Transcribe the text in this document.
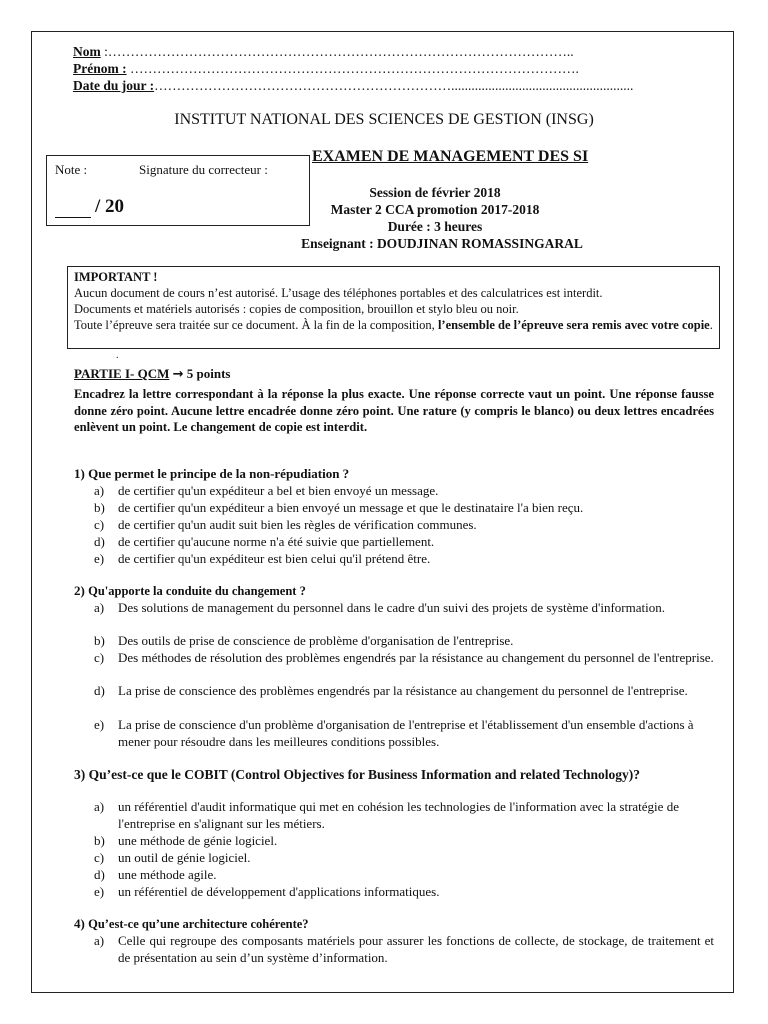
Nom :…………………………………………………………………………………………..
Prénom : ……………………………………………………………………………………….
Date du jour :…………………………………………………………......................................................
INSTITUT NATIONAL DES SCIENCES DE GESTION (INSG)
Note :	Signature du correcteur :
/ 20
EXAMEN DE MANAGEMENT DES SI
Session de février 2018
Master 2 CCA promotion 2017-2018
Durée : 3 heures
Enseignant : DOUDJINAN ROMASSINGARAL
IMPORTANT !
Aucun document de cours n’est autorisé. L’usage des téléphones portables et des calculatrices est interdit.
Documents et matériels autorisés : copies de composition, brouillon et stylo bleu ou noir.
Toute l’épreuve sera traitée sur ce document. À la fin de la composition, l’ensemble de l’épreuve sera remis avec votre copie.
.
PARTIE I- QCM → 5 points
Encadrez la lettre correspondant à la réponse la plus exacte. Une réponse correcte vaut un point. Une réponse fausse donne zéro point. Aucune lettre encadrée donne zéro point. Une rature (y compris le blanco) ou deux lettres encadrées enlèvent un point. Le changement de copie est interdit.
1) Que permet le principe de la non-répudiation ?
a)	de certifier qu'un expéditeur a bel et bien envoyé un message.
b)	de certifier qu'un expéditeur a bien envoyé un message et que le destinataire l'a bien reçu.
c)	de certifier qu'un audit suit bien les règles de vérification communes.
d)	de certifier qu'aucune norme n'a été suivie que partiellement.
e)	de certifier qu'un expéditeur est bien celui qu'il prétend être.
2) Qu'apporte la conduite du changement ?
a)	Des solutions de management du personnel dans le cadre d'un suivi des projets de système d'information.
b)	Des outils de prise de conscience de problème d'organisation de l'entreprise.
c)	Des méthodes de résolution des problèmes engendrés par la résistance au changement du personnel de l'entreprise.
d)	La prise de conscience des problèmes engendrés par la résistance au changement du personnel de l'entreprise.
e)	La prise de conscience d'un problème d'organisation de l'entreprise et l'établissement d'un ensemble d'actions à mener pour résoudre dans les meilleures conditions possibles.
3) Qu’est-ce que le COBIT (Control Objectives for Business Information and related Technology)?
a)	un référentiel d'audit informatique qui met en cohésion les technologies de l'information avec la stratégie de l'entreprise en s'alignant sur les métiers.
b)	une méthode de génie logiciel.
c)	un outil de génie logiciel.
d)	une méthode agile.
e)	un référentiel de développement d'applications informatiques.
4) Qu’est-ce qu’une architecture cohérente?
a)	Celle qui regroupe des composants matériels pour assurer les fonctions de collecte, de stockage, de traitement et de présentation au sein d’un système d’information.
